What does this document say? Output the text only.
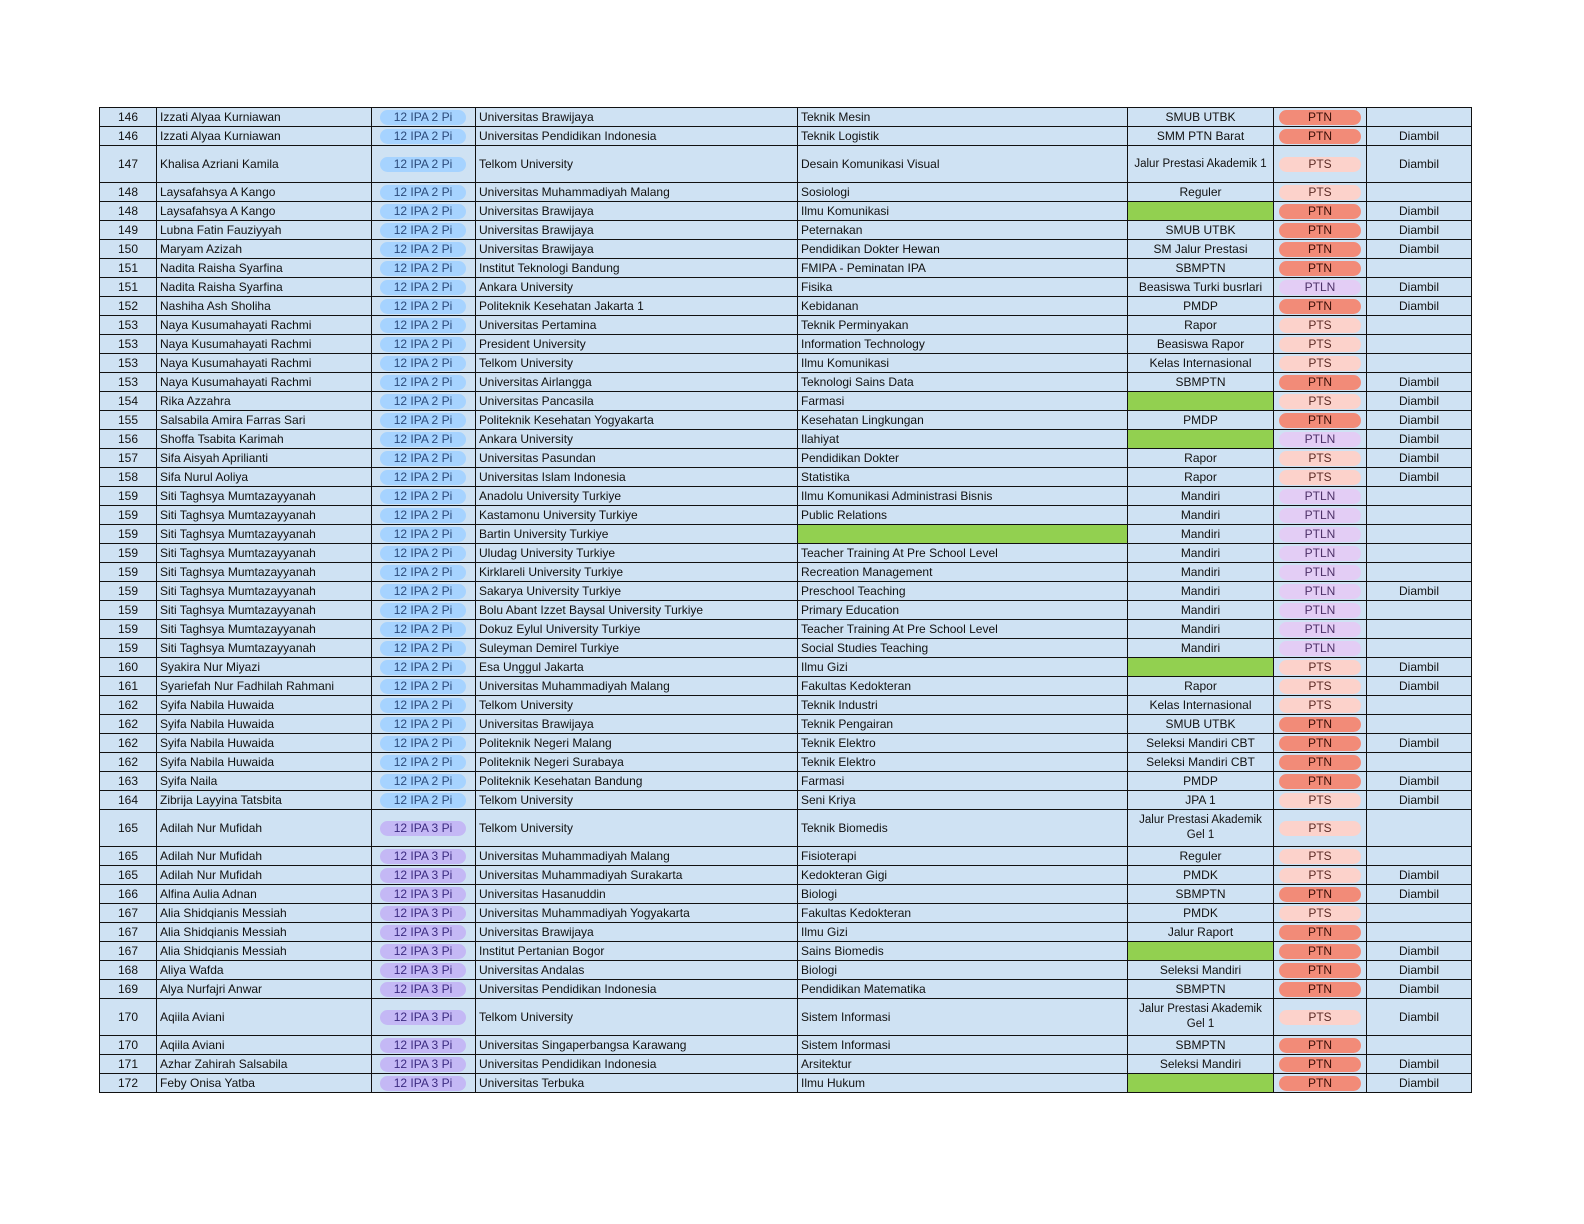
146	Izzati Alyaa Kurniawan	12 IPA 2 Pi	Universitas Brawijaya	Teknik Mesin	SMUB UTBK	PTN	

146	Izzati Alyaa Kurniawan	12 IPA 2 Pi	Universitas Pendidikan Indonesia	Teknik Logistik	SMM PTN Barat	PTN	Diambil
147	Khalisa Azriani Kamila	12 IPA 2 Pi	Telkom University	Desain Komunikasi Visual	Jalur Prestasi Akademik 1	PTS	Diambil
148	Laysafahsya A Kango	12 IPA 2 Pi	Universitas Muhammadiyah Malang	Sosiologi	Reguler	PTS	

148	Laysafahsya A Kango	12 IPA 2 Pi	Universitas Brawijaya	Ilmu Komunikasi		PTN	Diambil
149	Lubna Fatin Fauziyyah	12 IPA 2 Pi	Universitas Brawijaya	Peternakan	SMUB UTBK	PTN	Diambil
150	Maryam Azizah	12 IPA 2 Pi	Universitas Brawijaya	Pendidikan Dokter Hewan	SM Jalur Prestasi	PTN	Diambil
151	Nadita Raisha Syarfina	12 IPA 2 Pi	Institut Teknologi Bandung	FMIPA - Peminatan IPA	SBMPTN	PTN	

151	Nadita Raisha Syarfina	12 IPA 2 Pi	Ankara University	Fisika	Beasiswa Turki busrlari	PTLN	Diambil
152	Nashiha Ash Sholiha	12 IPA 2 Pi	Politeknik Kesehatan Jakarta 1	Kebidanan	PMDP	PTN	Diambil
153	Naya Kusumahayati Rachmi	12 IPA 2 Pi	Universitas Pertamina	Teknik Perminyakan	Rapor	PTS	

153	Naya Kusumahayati Rachmi	12 IPA 2 Pi	President University	Information Technology	Beasiswa Rapor	PTS	

153	Naya Kusumahayati Rachmi	12 IPA 2 Pi	Telkom University	Ilmu Komunikasi	Kelas Internasional	PTS	

153	Naya Kusumahayati Rachmi	12 IPA 2 Pi	Universitas Airlangga	Teknologi Sains Data	SBMPTN	PTN	Diambil
154	Rika Azzahra	12 IPA 2 Pi	Universitas Pancasila	Farmasi		PTS	Diambil
155	Salsabila Amira Farras Sari	12 IPA 2 Pi	Politeknik Kesehatan Yogyakarta	Kesehatan Lingkungan	PMDP	PTN	Diambil
156	Shoffa Tsabita Karimah	12 IPA 2 Pi	Ankara University	Ilahiyat		PTLN	Diambil
157	Sifa Aisyah Aprilianti	12 IPA 2 Pi	Universitas Pasundan	Pendidikan Dokter	Rapor	PTS	Diambil
158	Sifa Nurul Aoliya	12 IPA 2 Pi	Universitas Islam Indonesia	Statistika	Rapor	PTS	Diambil
159	Siti Taghsya Mumtazayyanah	12 IPA 2 Pi	Anadolu University Turkiye	Ilmu Komunikasi Administrasi Bisnis	Mandiri	PTLN	

159	Siti Taghsya Mumtazayyanah	12 IPA 2 Pi	Kastamonu University Turkiye	Public Relations	Mandiri	PTLN	

159	Siti Taghsya Mumtazayyanah	12 IPA 2 Pi	Bartin University Turkiye		Mandiri	PTLN	

159	Siti Taghsya Mumtazayyanah	12 IPA 2 Pi	Uludag University Turkiye	Teacher Training At Pre School Level	Mandiri	PTLN	

159	Siti Taghsya Mumtazayyanah	12 IPA 2 Pi	Kirklareli University Turkiye	Recreation Management	Mandiri	PTLN	

159	Siti Taghsya Mumtazayyanah	12 IPA 2 Pi	Sakarya University Turkiye	Preschool Teaching	Mandiri	PTLN	Diambil
159	Siti Taghsya Mumtazayyanah	12 IPA 2 Pi	Bolu Abant Izzet Baysal University Turkiye	Primary Education	Mandiri	PTLN	

159	Siti Taghsya Mumtazayyanah	12 IPA 2 Pi	Dokuz Eylul University Turkiye	Teacher Training At Pre School Level	Mandiri	PTLN	

159	Siti Taghsya Mumtazayyanah	12 IPA 2 Pi	Suleyman Demirel Turkiye	Social Studies Teaching	Mandiri	PTLN	

160	Syakira Nur Miyazi	12 IPA 2 Pi	Esa Unggul Jakarta	Ilmu Gizi		PTS	Diambil
161	Syariefah Nur Fadhilah Rahmani	12 IPA 2 Pi	Universitas Muhammadiyah Malang	Fakultas Kedokteran	Rapor	PTS	Diambil
162	Syifa Nabila Huwaida	12 IPA 2 Pi	Telkom University	Teknik Industri	Kelas Internasional	PTS	

162	Syifa Nabila Huwaida	12 IPA 2 Pi	Universitas Brawijaya	Teknik Pengairan	SMUB UTBK	PTN	

162	Syifa Nabila Huwaida	12 IPA 2 Pi	Politeknik Negeri Malang	Teknik Elektro	Seleksi Mandiri CBT	PTN	Diambil
162	Syifa Nabila Huwaida	12 IPA 2 Pi	Politeknik Negeri Surabaya	Teknik Elektro	Seleksi Mandiri CBT	PTN	

163	Syifa Naila	12 IPA 2 Pi	Politeknik Kesehatan Bandung	Farmasi	PMDP	PTN	Diambil
164	Zibrija Layyina Tatsbita	12 IPA 2 Pi	Telkom University	Seni Kriya	JPA 1	PTS	Diambil
165	Adilah Nur Mufidah	12 IPA 3 Pi	Telkom University	Teknik Biomedis	Jalur Prestasi Akademik Gel 1	PTS	

165	Adilah Nur Mufidah	12 IPA 3 Pi	Universitas Muhammadiyah Malang	Fisioterapi	Reguler	PTS	

165	Adilah Nur Mufidah	12 IPA 3 Pi	Universitas Muhammadiyah Surakarta	Kedokteran Gigi	PMDK	PTS	Diambil
166	Alfina Aulia Adnan	12 IPA 3 Pi	Universitas Hasanuddin	Biologi	SBMPTN	PTN	Diambil
167	Alia Shidqianis Messiah	12 IPA 3 Pi	Universitas Muhammadiyah Yogyakarta	Fakultas Kedokteran	PMDK	PTS	

167	Alia Shidqianis Messiah	12 IPA 3 Pi	Universitas Brawijaya	Ilmu Gizi	Jalur Raport	PTN	

167	Alia Shidqianis Messiah	12 IPA 3 Pi	Institut Pertanian Bogor	Sains Biomedis		PTN	Diambil
168	Aliya Wafda	12 IPA 3 Pi	Universitas Andalas	Biologi	Seleksi Mandiri	PTN	Diambil
169	Alya Nurfajri Anwar	12 IPA 3 Pi	Universitas Pendidikan Indonesia	Pendidikan Matematika	SBMPTN	PTN	Diambil
170	Aqiila Aviani	12 IPA 3 Pi	Telkom University	Sistem Informasi	Jalur Prestasi Akademik Gel 1	PTS	Diambil
170	Aqiila Aviani	12 IPA 3 Pi	Universitas Singaperbangsa Karawang	Sistem Informasi	SBMPTN	PTN	

171	Azhar Zahirah Salsabila	12 IPA 3 Pi	Universitas Pendidikan Indonesia	Arsitektur	Seleksi Mandiri	PTN	Diambil
172	Feby Onisa Yatba	12 IPA 3 Pi	Universitas Terbuka	Ilmu Hukum		PTN	Diambil
